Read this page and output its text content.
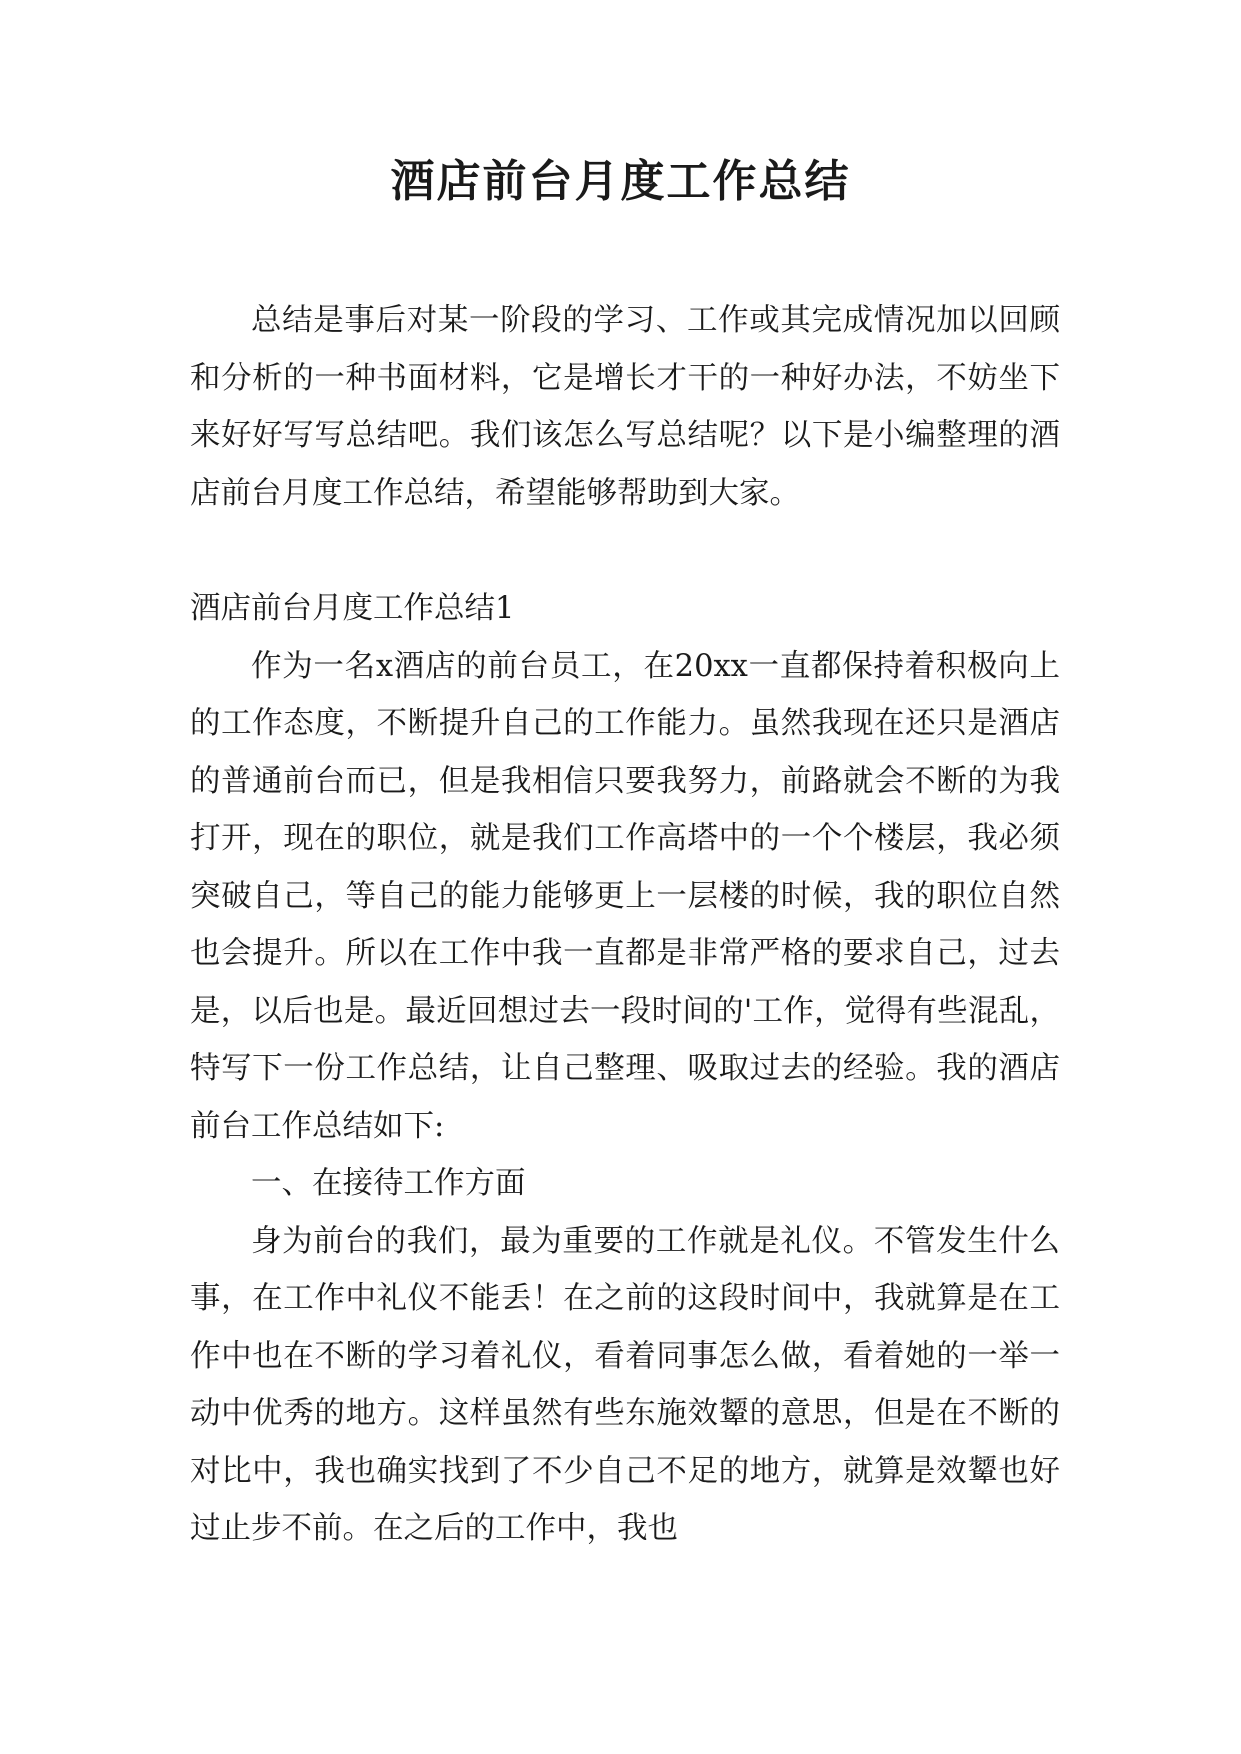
酒店前台月度工作总结

总结是事后对某一阶段的学习、工作或其完成情况加以回顾和分析的一种书面材料，它是增长才干的一种好办法，不妨坐下来好好写写总结吧。我们该怎么写总结呢？以下是小编整理的酒店前台月度工作总结，希望能够帮助到大家。

酒店前台月度工作总结1

作为一名x酒店的前台员工，在20xx一直都保持着积极向上的工作态度，不断提升自己的工作能力。虽然我现在还只是酒店的普通前台而已，但是我相信只要我努力，前路就会不断的为我打开，现在的职位，就是我们工作高塔中的一个个楼层，我必须突破自己，等自己的能力能够更上一层楼的时候，我的职位自然也会提升。所以在工作中我一直都是非常严格的要求自己，过去是，以后也是。最近回想过去一段时间的'工作，觉得有些混乱，特写下一份工作总结，让自己整理、吸取过去的经验。我的酒店前台工作总结如下:

一、在接待工作方面

身为前台的我们，最为重要的工作就是礼仪。不管发生什么事，在工作中礼仪不能丢！在之前的这段时间中，我就算是在工作中也在不断的学习着礼仪，看着同事怎么做，看着她的一举一动中优秀的地方。这样虽然有些东施效颦的意思，但是在不断的对比中，我也确实找到了不少自己不足的地方，就算是效颦也好过止步不前。在之后的工作中，我也
